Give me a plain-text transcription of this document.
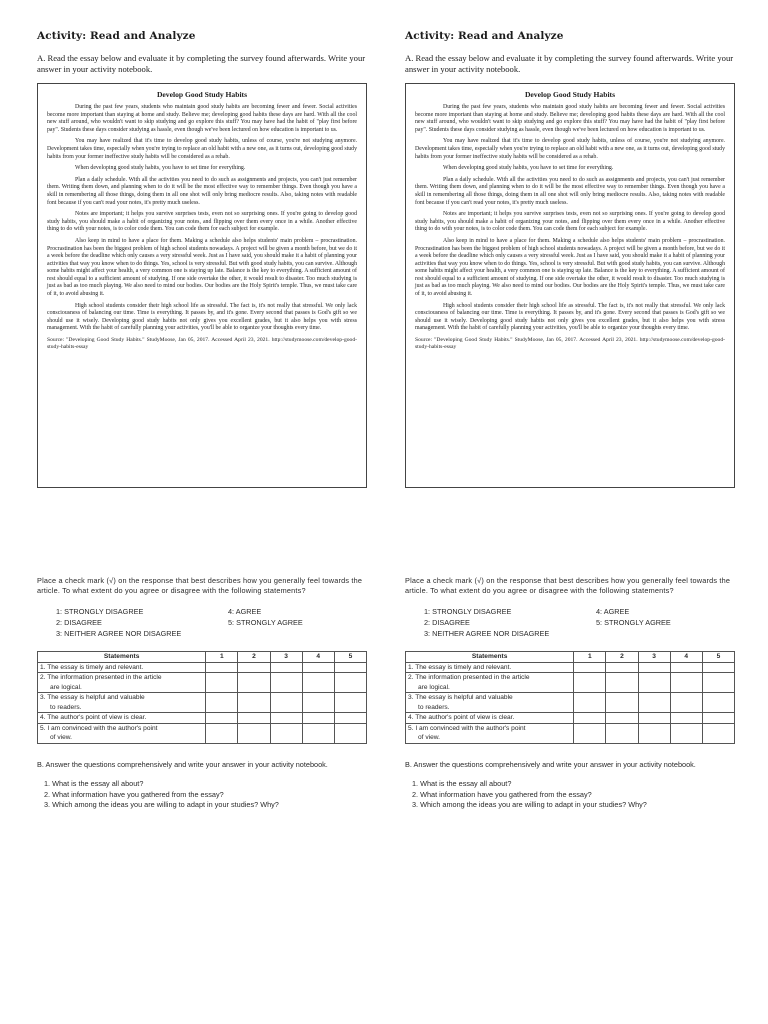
Activity: Read and Analyze

A. Read the essay below and evaluate it by completing the survey found afterwards. Write your answer in your activity notebook.

Develop Good Study Habits

During the past few years, students who maintain good study habits are becoming fewer and fewer. Social activities become more important than staying at home and study. Believe me; developing good habits these days are hard. With all the cool new stuff around, who wouldn't want to skip studying and go explore this stuff? You may have had the habit of "play first before pay". Students these days consider studying as hassle, even though we've been lectured on how education is important to us.

You may have realized that it's time to develop good study habits, unless of course, you're not studying anymore. Development takes time, especially when you're trying to replace an old habit with a new one, as it turns out, developing good study habits from your former ineffective study habits will be considered as a rehab.

When developing good study habits, you have to set time for everything.

Plan a daily schedule. With all the activities you need to do such as assignments and projects, you can't just remember them. Writing them down, and planning when to do it will be the most effective way to remember things. Even though you have a skill in remembering all those things, doing them in all one shot will only bring mediocre results. Also, taking notes with readable font because if you can't read your notes, it's pretty much useless.

Notes are important; it helps you survive surprises tests, even not so surprising ones. If you're going to develop good study habits, you should make a habit of organizing your notes, and flipping over them every once in a while. Another effective thing to do with your notes, is to color code them. You can code them for each subject for example.

Also keep in mind to have a place for them. Making a schedule also helps students' main problem – procrastination. Procrastination has been the biggest problem of high school students nowadays. A project will be given a month before, but we do it a week before the deadline which only causes a very stressful week. Just as I have said, you should make it a habit of planning your activities that way you know when to do things. Yes, school is very stressful. But with good study habits, you can survive. Although some habits might affect your health, a very common one is staying up late. Balance is the key to everything. A sufficient amount of rest should equal to a sufficient amount of studying. If one side overtake the other, it would result to disaster. Too much studying is just as bad as too much playing. We also need to mind our bodies. Our bodies are the Holy Spirit's temple. Thus, we must take care of it, to avoid abusing it.

High school students consider their high school life as stressful. The fact is, it's not really that stressful. We only lack consciousness of balancing our time. Time is everything. It passes by, and it's gone. Every second that passes is God's gift so we should use it wisely. Developing good study habits not only gives you excellent grades, but it also helps you with stress management. With the habit of carefully planning your activities, you'll be able to organize your thoughts every time.

Source: "Developing Good Study Habits." StudyMoose, Jan 05, 2017. Accessed April 23, 2021. http://studymoose.com/develop-good-study-habits-essay

Place a check mark (√) on the response that best describes how you generally feel towards the article. To what extent do you agree or disagree with the following statements?

1: STRONGLY DISAGREE	4: AGREE
2: DISAGREE	5: STRONGLY AGREE
3: NEITHER AGREE NOR DISAGREE
Statements	1	2	3	4	5
1. The essay is timely and relevant.					
2. The information presented in the article
are logical.					

3. The essay is helpful and valuable
to readers.					

4. The author's point of view is clear.					
5. I am convinced with the author's point
of view.					

B. Answer the questions comprehensively and write your answer in your activity notebook.

1. What is the essay all about?
2. What information have you gathered from the essay?
3. Which among the ideas you are willing to adapt in your studies? Why?
Activity: Read and Analyze

A. Read the essay below and evaluate it by completing the survey found afterwards. Write your answer in your activity notebook.

Develop Good Study Habits

During the past few years, students who maintain good study habits are becoming fewer and fewer. Social activities become more important than staying at home and study. Believe me; developing good habits these days are hard. With all the cool new stuff around, who wouldn't want to skip studying and go explore this stuff? You may have had the habit of "play first before pay". Students these days consider studying as hassle, even though we've been lectured on how education is important to us.

You may have realized that it's time to develop good study habits, unless of course, you're not studying anymore. Development takes time, especially when you're trying to replace an old habit with a new one, as it turns out, developing good study habits from your former ineffective study habits will be considered as a rehab.

When developing good study habits, you have to set time for everything.

Plan a daily schedule. With all the activities you need to do such as assignments and projects, you can't just remember them. Writing them down, and planning when to do it will be the most effective way to remember things. Even though you have a skill in remembering all those things, doing them in all one shot will only bring mediocre results. Also, taking notes with readable font because if you can't read your notes, it's pretty much useless.

Notes are important; it helps you survive surprises tests, even not so surprising ones. If you're going to develop good study habits, you should make a habit of organizing your notes, and flipping over them every once in a while. Another effective thing to do with your notes, is to color code them. You can code them for each subject for example.

Also keep in mind to have a place for them. Making a schedule also helps students' main problem – procrastination. Procrastination has been the biggest problem of high school students nowadays. A project will be given a month before, but we do it a week before the deadline which only causes a very stressful week. Just as I have said, you should make it a habit of planning your activities that way you know when to do things. Yes, school is very stressful. But with good study habits, you can survive. Although some habits might affect your health, a very common one is staying up late. Balance is the key to everything. A sufficient amount of rest should equal to a sufficient amount of studying. If one side overtake the other, it would result to disaster. Too much studying is just as bad as too much playing. We also need to mind our bodies. Our bodies are the Holy Spirit's temple. Thus, we must take care of it, to avoid abusing it.

High school students consider their high school life as stressful. The fact is, it's not really that stressful. We only lack consciousness of balancing our time. Time is everything. It passes by, and it's gone. Every second that passes is God's gift so we should use it wisely. Developing good study habits not only gives you excellent grades, but it also helps you with stress management. With the habit of carefully planning your activities, you'll be able to organize your thoughts every time.

Source: "Developing Good Study Habits." StudyMoose, Jan 05, 2017. Accessed April 23, 2021. http://studymoose.com/develop-good-study-habits-essay

Place a check mark (√) on the response that best describes how you generally feel towards the article. To what extent do you agree or disagree with the following statements?

1: STRONGLY DISAGREE	4: AGREE
2: DISAGREE	5: STRONGLY AGREE
3: NEITHER AGREE NOR DISAGREE
Statements	1	2	3	4	5
1. The essay is timely and relevant.					
2. The information presented in the article
are logical.					

3. The essay is helpful and valuable
to readers.					

4. The author's point of view is clear.					
5. I am convinced with the author's point
of view.					

B. Answer the questions comprehensively and write your answer in your activity notebook.

1. What is the essay all about?
2. What information have you gathered from the essay?
3. Which among the ideas you are willing to adapt in your studies? Why?
